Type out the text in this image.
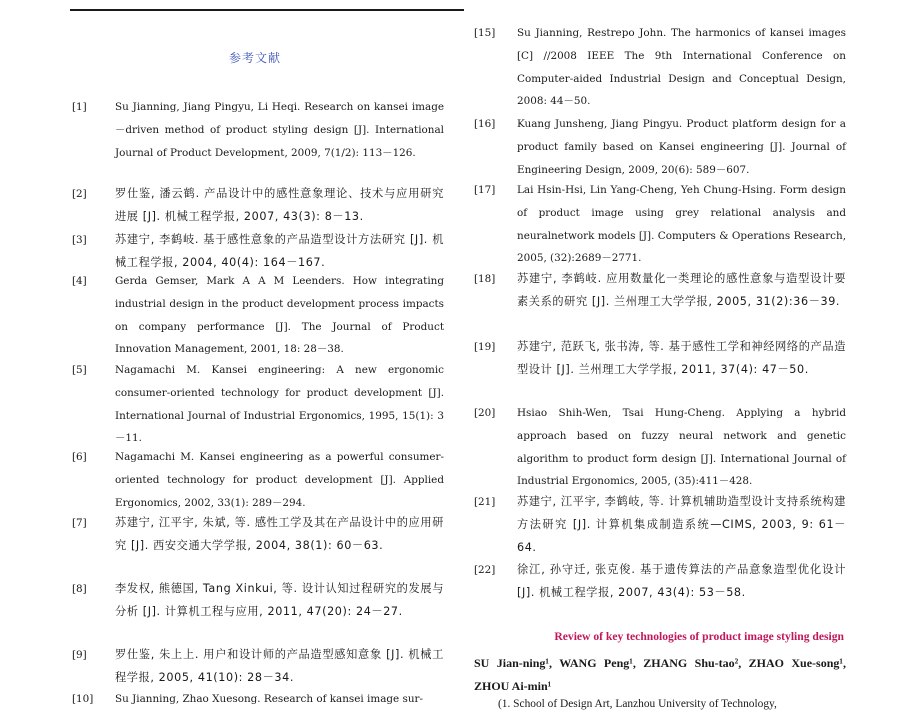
参考文献
[1]	Su Jianning, Jiang Pingyu, Li Heqi. Research on kansei image－driven method of product styling design [J]. International Journal of Product Development, 2009, 7(1/2): 113－126.
[2]	罗仕鉴, 潘云鹤. 产品设计中的感性意象理论、技术与应用研究进展 [J]. 机械工程学报, 2007, 43(3): 8－13.
[3]	苏建宁, 李鹤岐. 基于感性意象的产品造型设计方法研究 [J]. 机械工程学报, 2004, 40(4): 164－167.
[4]	Gerda Gemser, Mark A A M Leenders. How integrating industrial design in the product development process impacts on company performance [J]. The Journal of Product Innovation Management, 2001, 18: 28－38.
[5]	Nagamachi M. Kansei engineering: A new ergonomic consumer-oriented technology for product development [J]. International Journal of Industrial Ergonomics, 1995, 15(1): 3－11.
[6]	Nagamachi M. Kansei engineering as a powerful consumer-oriented technology for product development [J]. Applied Ergonomics, 2002, 33(1): 289－294.
[7]	苏建宁, 江平宇, 朱斌, 等. 感性工学及其在产品设计中的应用研究 [J]. 西安交通大学学报, 2004, 38(1): 60－63.
[8]	李发权, 熊德国, Tang Xinkui, 等. 设计认知过程研究的发展与分析 [J]. 计算机工程与应用, 2011, 47(20): 24－27.
[9]	罗仕鉴, 朱上上. 用户和设计师的产品造型感知意象 [J]. 机械工程学报, 2005, 41(10): 28－34.
[10]	Su Jianning, Zhao Xuesong. Research of kansei image sur-
[15]	Su Jianning, Restrepo John. The harmonics of kansei images [C] //2008 IEEE The 9th International Conference on Computer-aided Industrial Design and Conceptual Design, 2008: 44－50.
[16]	Kuang Junsheng, Jiang Pingyu. Product platform design for a product family based on Kansei engineering [J]. Journal of Engineering Design, 2009, 20(6): 589－607.
[17]	Lai Hsin-Hsi, Lin Yang-Cheng, Yeh Chung-Hsing. Form design of product image using grey relational analysis and neuralnetwork models [J]. Computers & Operations Research, 2005, (32):2689－2771.
[18]	苏建宁, 李鹤岐. 应用数量化一类理论的感性意象与造型设计要素关系的研究 [J]. 兰州理工大学学报, 2005, 31(2):36－39.
[19]	苏建宁, 范跃飞, 张书涛, 等. 基于感性工学和神经网络的产品造型设计 [J]. 兰州理工大学学报, 2011, 37(4): 47－50.
[20]	Hsiao Shih-Wen, Tsai Hung-Cheng. Applying a hybrid approach based on fuzzy neural network and genetic algorithm to product form design [J]. International Journal of Industrial Ergonomics, 2005, (35):411－428.
[21]	苏建宁, 江平宇, 李鹤岐, 等. 计算机辅助造型设计支持系统构建方法研究 [J]. 计算机集成制造系统—CIMS, 2003, 9: 61－64.
[22]	徐江, 孙守迁, 张克俊. 基于遗传算法的产品意象造型优化设计 [J]. 机械工程学报, 2007, 43(4): 53－58.
Review of key technologies of product image styling design
SU Jian-ning¹, WANG Peng¹, ZHANG Shu-tao², ZHAO Xue-song¹, ZHOU Ai-min¹
(1. School of Design Art, Lanzhou University of Technology,
